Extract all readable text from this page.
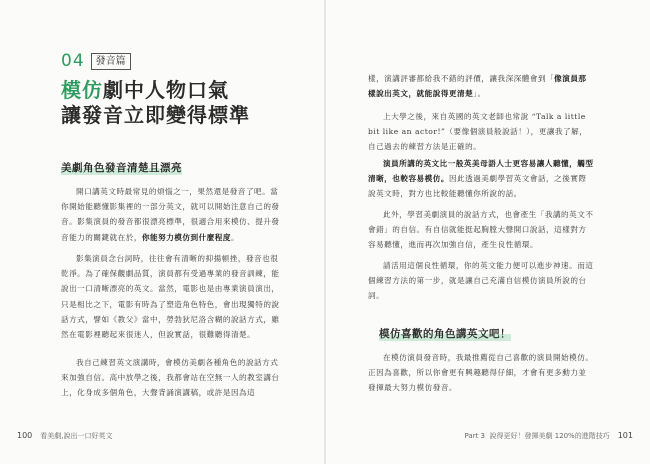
04	發音篇
模仿劇中人物口氣
讓發音立即變得標準
美劇角色發音清楚且漂亮

開口講英文時最常見的煩惱之一，果然還是發音了吧。當你開始能聽懂影集裡的一部分英文，就可以開始注意自己的發音。影集演員的發音都很漂亮標準，很適合用來模仿、提升發音能力的關鍵就在於，你能努力模仿到什麼程度。

影集演員念台詞時，往往會有清晰的抑揚頓挫，發音也很乾淨。為了確保觀劇品質，演員都有受過專業的發音訓練，能說出一口清晰漂亮的英文。當然，電影也是由專業演員演出，只是相比之下，電影有時為了塑造角色特色，會出現獨特的說話方式，譬如《教父》當中，勞勃狄尼洛含糊的說話方式，雖然在電影裡聽起來很迷人，但說實話，很難聽得清楚。

我自己練習英文演講時，會模仿美劇各種角色的說話方式來加強自信。高中放學之後，我都會站在空無一人的教室講台上，化身成多個角色，大聲背誦演講稿，或許是因為這

100 看美劇,說出一口好英文

樣，演講評審都給我不錯的評價，讓我深深體會到「像演員那樣說出英文，就能說得更清楚」。

上大學之後，來自英國的英文老師也常說 “Talk a little bit like an actor!”（要像個演員般說話！），更讓我了解，自己過去的練習方法是正確的。

演員所講的英文比一般英美母語人士更容易讓人聽懂，觸型清晰，也較容易模仿。因此透過美劇學習英文會話，之後實際說英文時，對方也比較能聽懂你所說的話。

此外，學習美劇演員的說話方式，也會產生「我講的英文不會錯」的自信。有自信就能挺起胸膛大聲開口說話，這樣對方容易聽懂，進而再次加強自信，產生良性循環。

請活用這個良性循環，你的英文能力便可以進步神速。而這個練習方法的第一步，就是讓自己充滿自信模仿演員所說的台詞。

模仿喜歡的角色講英文吧！

在模仿演員發音時，我最推薦從自己喜歡的演員開始模仿。正因為喜歡，所以你會更有興趣聽得仔細，才會有更多動力並發揮最大努力模仿發音。

Part 3 說得更好！發揮美劇 120%的進階技巧 101
